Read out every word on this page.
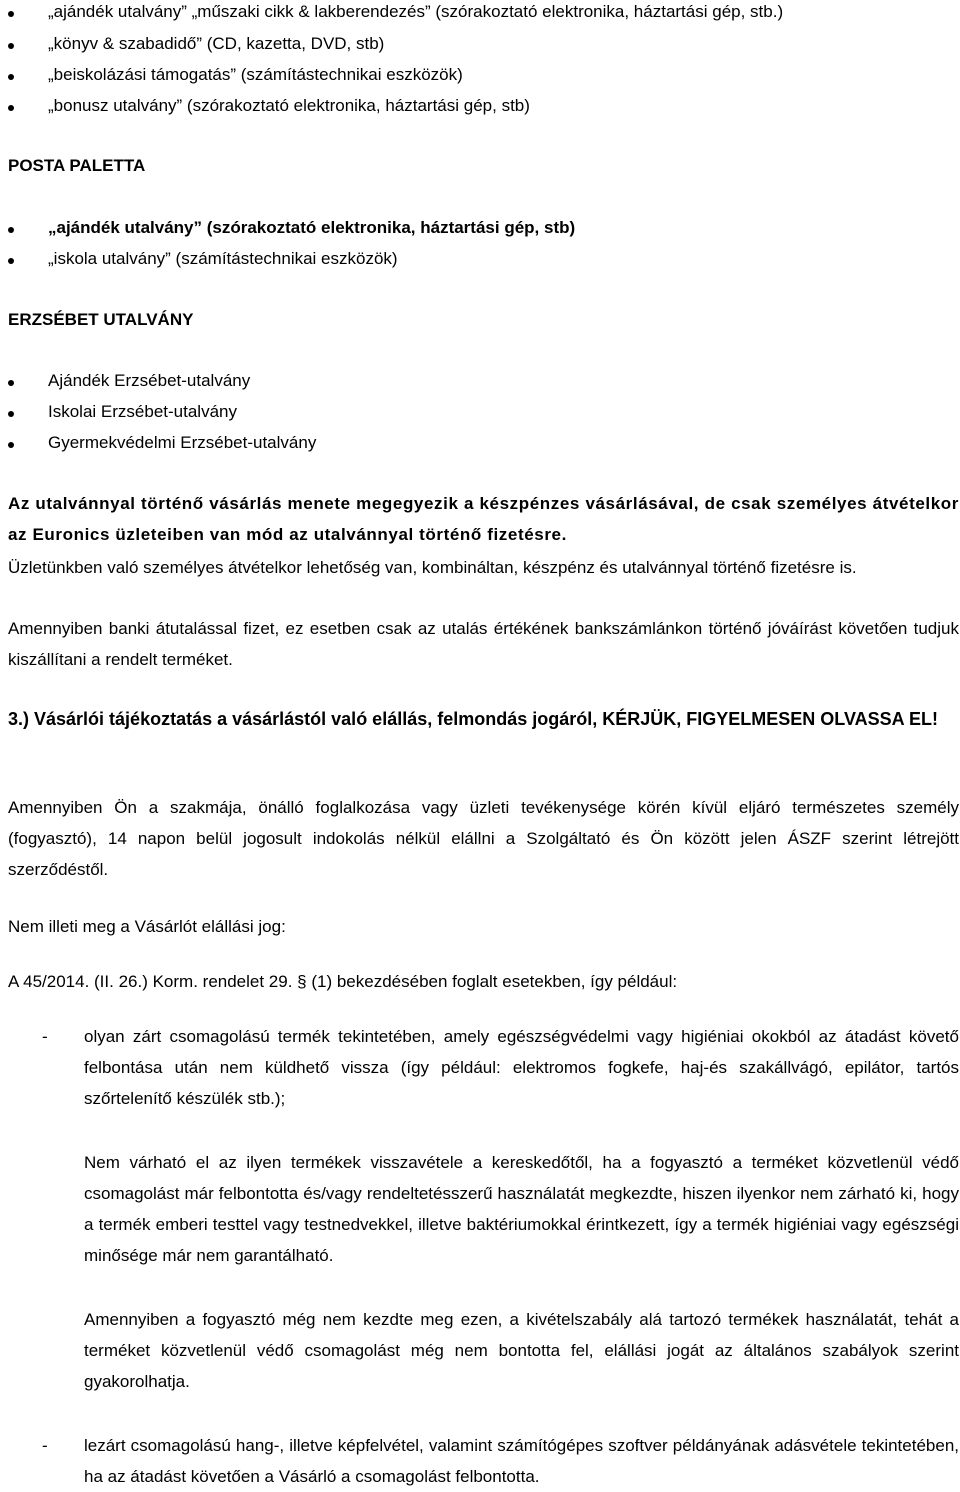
„ajándék utalvány” „műszaki cikk & lakberendezés” (szórakoztató elektronika, háztartási gép, stb.)
„könyv & szabadidő” (CD, kazetta, DVD, stb)
„beiskolázási támogatás” (számítástechnikai eszközök)
„bonusz utalvány” (szórakoztató elektronika, háztartási gép, stb)
POSTA PALETTA
„ajándék utalvány” (szórakoztató elektronika, háztartási gép, stb)
„iskola utalvány” (számítástechnikai eszközök)
ERZSÉBET UTALVÁNY
Ajándék Erzsébet-utalvány
Iskolai Erzsébet-utalvány
Gyermekvédelmi Erzsébet-utalvány
Az utalvánnyal történő vásárlás menete megegyezik a készpénzes vásárlásával, de csak személyes átvételkor az Euronics üzleteiben van mód az utalvánnyal történő fizetésre.
Üzletünkben való személyes átvételkor lehetőség van, kombináltan, készpénz és utalvánnyal történő fizetésre is.
Amennyiben banki átutalással fizet, ez esetben csak az utalás értékének bankszámlánkon történő jóváírást követően tudjuk kiszállítani a rendelt terméket.
3.) Vásárlói tájékoztatás a vásárlástól való elállás, felmondás jogáról, KÉRJÜK, FIGYELMESEN OLVASSA EL!
Amennyiben Ön a szakmája, önálló foglalkozása vagy üzleti tevékenysége körén kívül eljáró természetes személy (fogyasztó), 14 napon belül jogosult indokolás nélkül elállni a Szolgáltató és Ön között jelen ÁSZF szerint létrejött szerződéstől.
Nem illeti meg a Vásárlót elállási jog:
A 45/2014. (II. 26.) Korm. rendelet 29. § (1) bekezdésében foglalt esetekben, így például:
- olyan zárt csomagolású termék tekintetében, amely egészségvédelmi vagy higiéniai okokból az átadást követő felbontása után nem küldhető vissza (így például: elektromos fogkefe, haj-és szakállvágó, epilátor, tartós szőrtelenítő készülék stb.);
Nem várható el az ilyen termékek visszavétele a kereskedőtől, ha a fogyasztó a terméket közvetlenül védő csomagolást már felbontotta és/vagy rendeltetésszerű használatát megkezdte, hiszen ilyenkor nem zárható ki, hogy a termék emberi testtel vagy testnedvekkel, illetve baktériumokkal érintkezett, így a termék higiéniai vagy egészségi minősége már nem garantálható.
Amennyiben a fogyasztó még nem kezdte meg ezen, a kivételszabály alá tartozó termékek használatát, tehát a terméket közvetlenül védő csomagolást még nem bontotta fel, elállási jogát az általános szabályok szerint gyakorolhatja.
- lezárt csomagolású hang-, illetve képfelvétel, valamint számítógépes szoftver példányának adásvétele tekintetében, ha az átadást követően a Vásárló a csomagolást felbontotta.
